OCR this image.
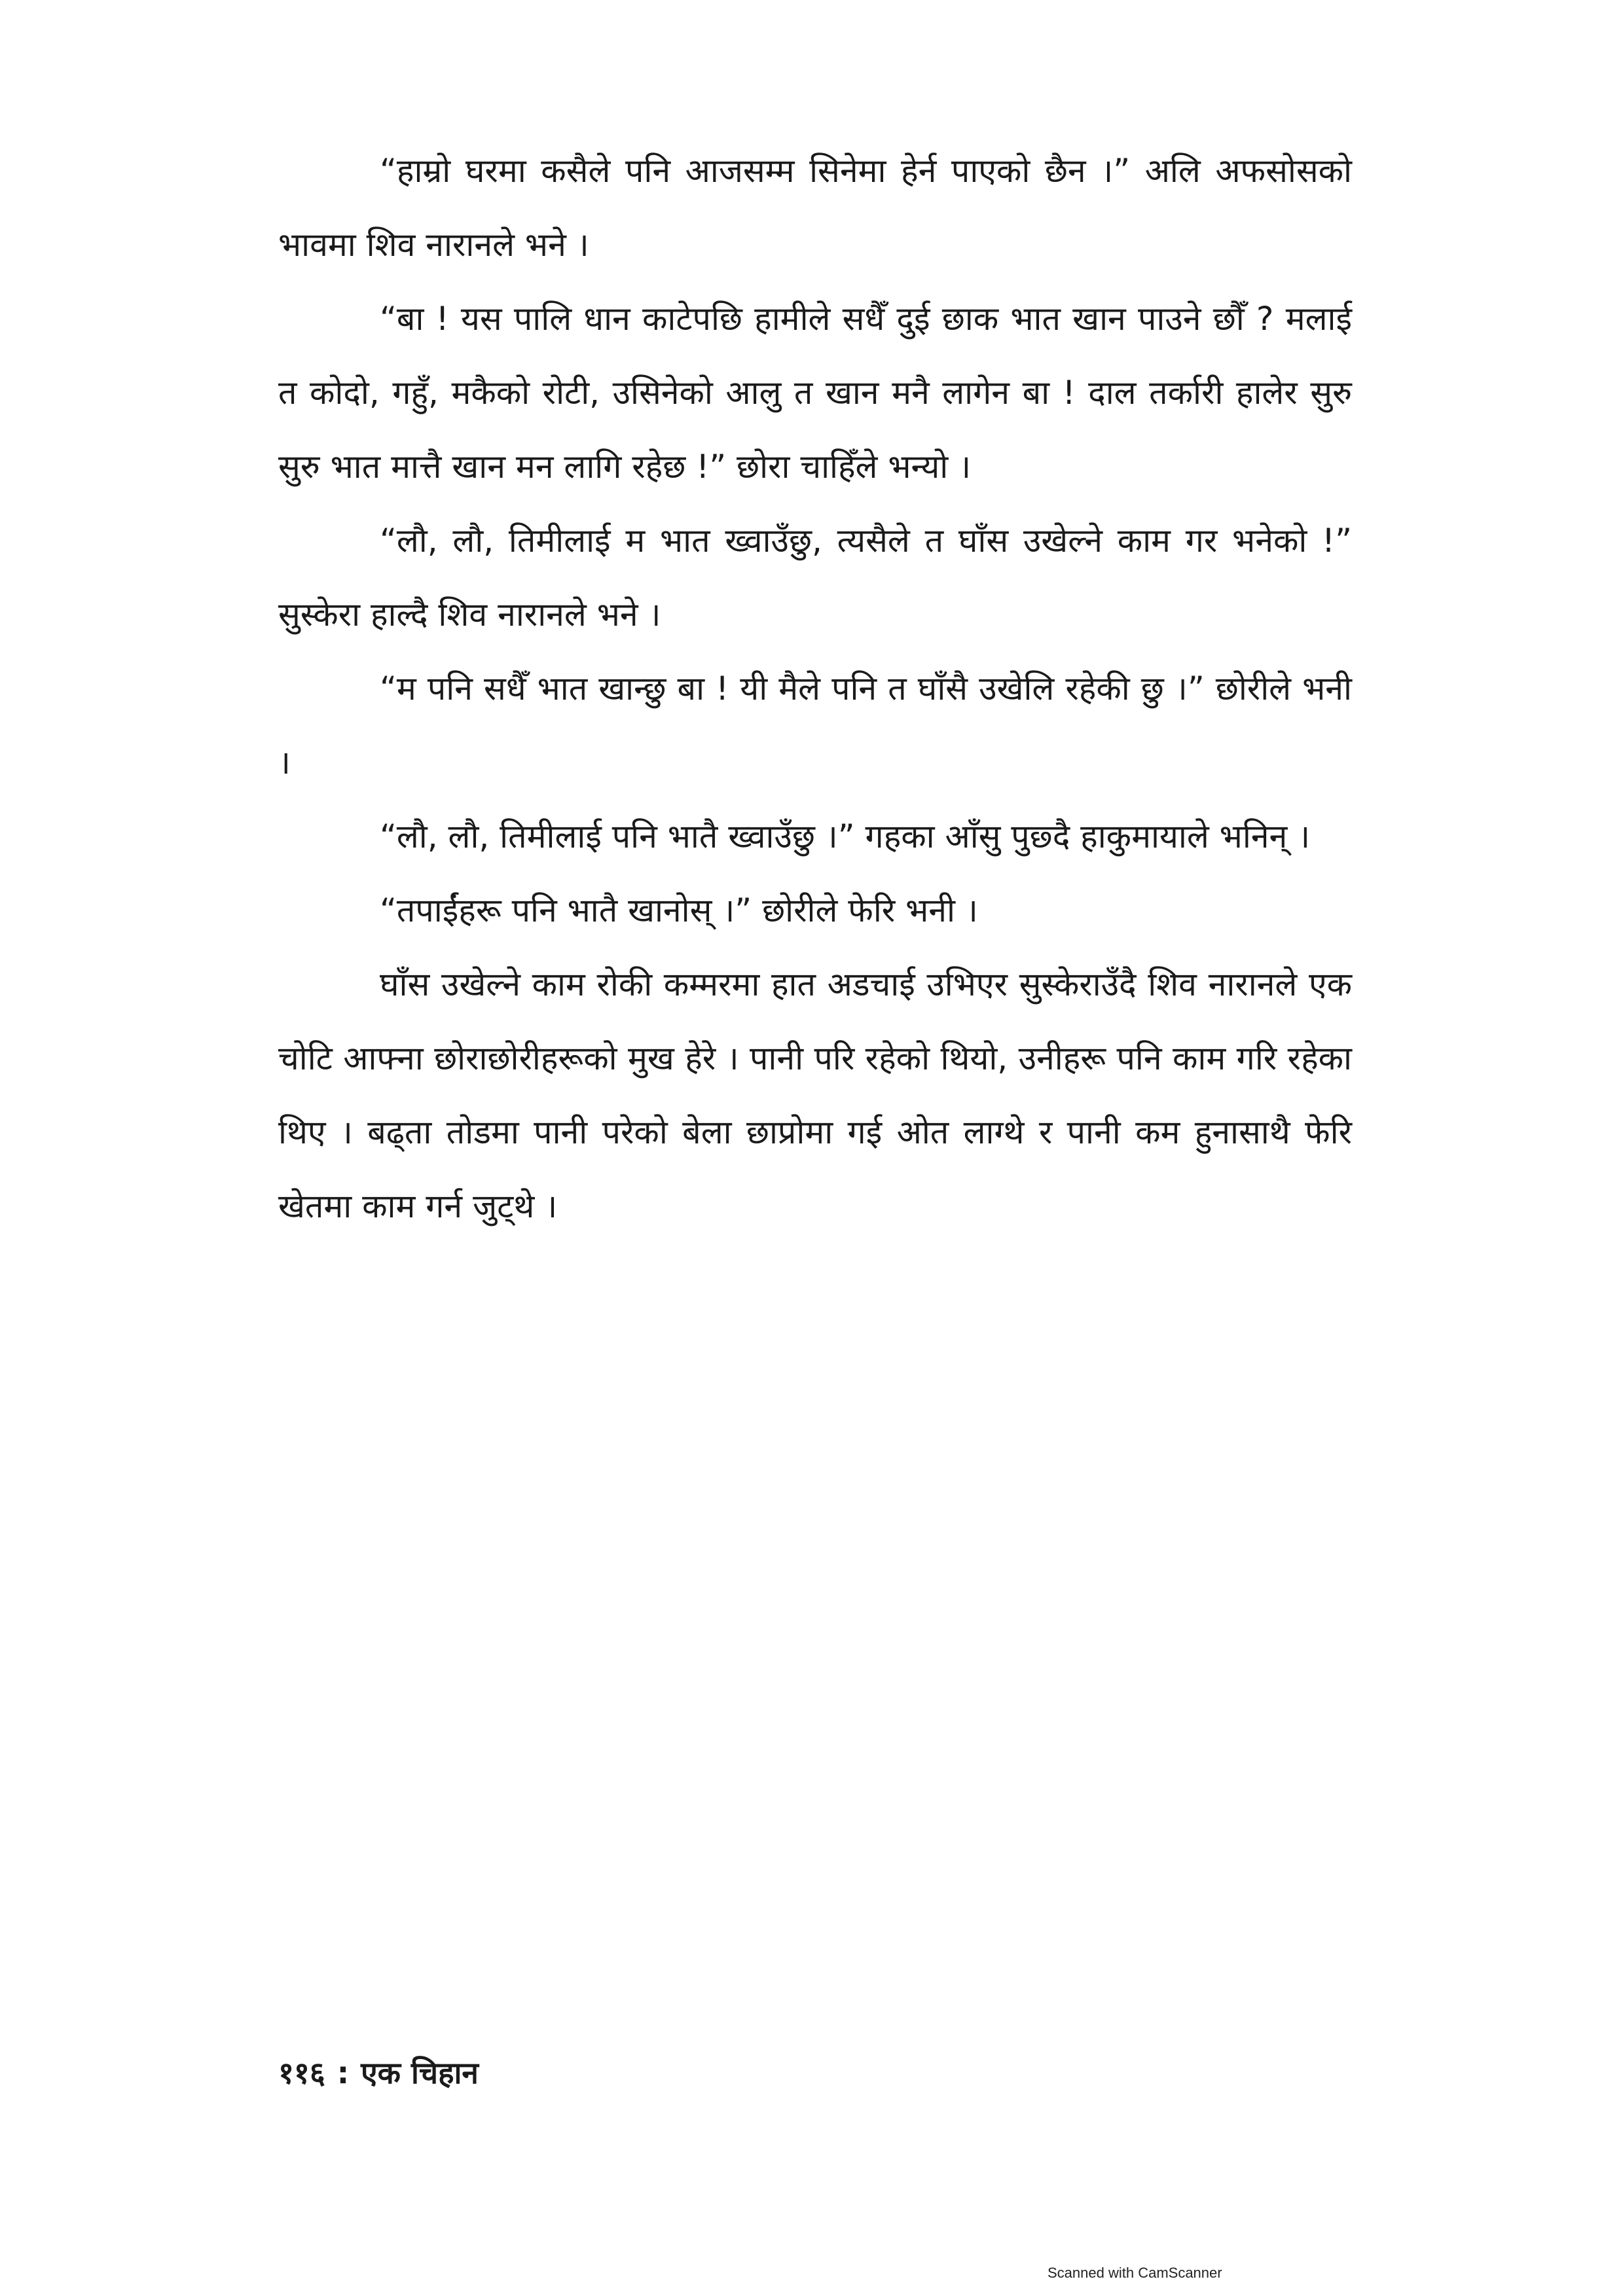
“हाम्रो घरमा कसैले पनि आजसम्म सिनेमा हेर्न पाएको छैन ।” अलि अफसोसको भावमा शिव नारानले भने ।

“बा ! यस पालि धान काटेपछि हामीले सधैँ दुई छाक भात खान पाउने छौँ ? मलाई त कोदो, गहुँ, मकैको रोटी, उसिनेको आलु त खान मनै लागेन बा ! दाल तर्कारी हालेर सुरु सुरु भात मात्तै खान मन लागि रहेछ !” छोरा चाहिँले भन्यो ।

“लौ, लौ, तिमीलाई म भात ख्वाउँछु, त्यसैले त घाँस उखेल्ने काम गर भनेको !” सुस्केरा हाल्दै शिव नारानले भने ।

“म पनि सधैँ भात खान्छु बा ! यी मैले पनि त घाँसै उखेलि रहेकी छु ।” छोरीले भनी ।

“लौ, लौ, तिमीलाई पनि भातै ख्वाउँछु ।” गहका आँसु पुछ्दै हाकुमायाले भनिन् ।

“तपाईंहरू पनि भातै खानोस् ।” छोरीले फेरि भनी ।

घाँस उखेल्ने काम रोकी कम्मरमा हात अडचाई उभिएर सुस्केराउँदै शिव नारानले एक चोटि आफ्ना छोराछोरीहरूको मुख हेरे । पानी परि रहेको थियो, उनीहरू पनि काम गरि रहेका थिए । बढ्ता तोडमा पानी परेको बेला छाप्रोमा गई ओत लाग्थे र पानी कम हुनासाथै फेरि खेतमा काम गर्न जुट्थे ।

११६ : एक चिहान
Scanned with CamScanner
